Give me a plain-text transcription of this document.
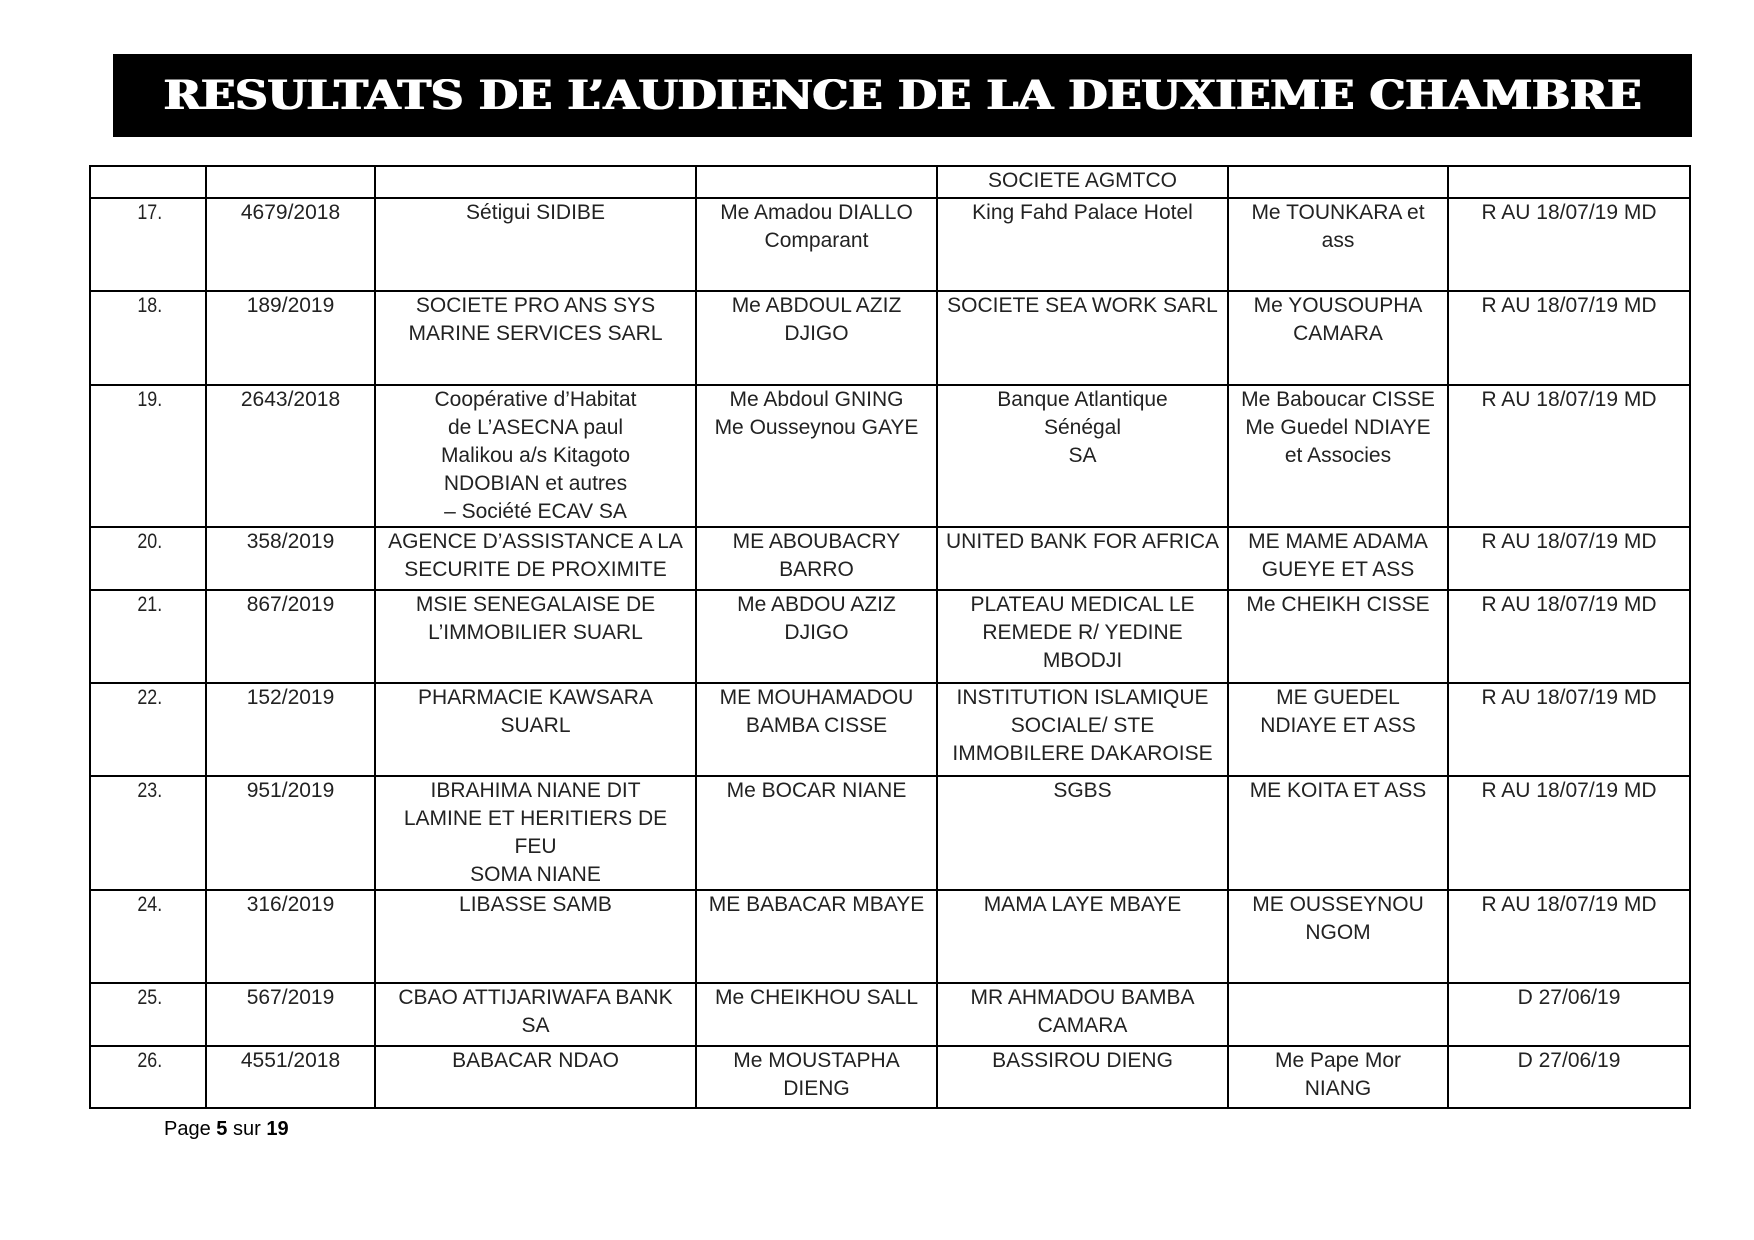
RESULTATS DE L’AUDIENCE DE LA DEUXIEME CHAMBRE

				SOCIETE AGMTCO		

17.	4679/2018	Sétigui SIDIBE	Me Amadou DIALLO
Comparant	King Fahd Palace Hotel	Me TOUNKARA et
ass	R AU 18/07/19 MD
18.	189/2019	SOCIETE PRO ANS SYS
MARINE SERVICES SARL	Me ABDOUL AZIZ
DJIGO	SOCIETE SEA WORK SARL	Me YOUSOUPHA
CAMARA	R AU 18/07/19 MD
19.	2643/2018	Coopérative d’Habitat
de L’ASECNA paul
Malikou a/s Kitagoto
NDOBIAN et autres
– Société ECAV SA	Me Abdoul GNING
Me Ousseynou GAYE	Banque Atlantique
Sénégal
SA	Me Baboucar CISSE
Me Guedel NDIAYE
et Associes	R AU 18/07/19 MD
20.	358/2019	AGENCE D’ASSISTANCE A LA
SECURITE DE PROXIMITE	ME ABOUBACRY
BARRO	UNITED BANK FOR AFRICA	ME MAME ADAMA
GUEYE ET ASS	R AU 18/07/19 MD
21.	867/2019	MSIE SENEGALAISE DE
L’IMMOBILIER SUARL	Me ABDOU AZIZ
DJIGO	PLATEAU MEDICAL LE
REMEDE R/ YEDINE
MBODJI	Me CHEIKH CISSE	R AU 18/07/19 MD
22.	152/2019	PHARMACIE KAWSARA
SUARL	ME MOUHAMADOU
BAMBA CISSE	INSTITUTION ISLAMIQUE
SOCIALE/ STE
IMMOBILERE DAKAROISE	ME GUEDEL
NDIAYE ET ASS	R AU 18/07/19 MD
23.	951/2019	IBRAHIMA NIANE DIT
LAMINE ET HERITIERS DE FEU
SOMA NIANE	Me BOCAR NIANE	SGBS	ME KOITA ET ASS	R AU 18/07/19 MD
24.	316/2019	LIBASSE SAMB	ME BABACAR MBAYE	MAMA LAYE MBAYE	ME OUSSEYNOU
NGOM	R AU 18/07/19 MD
25.	567/2019	CBAO ATTIJARIWAFA BANK
SA	Me CHEIKHOU SALL	MR AHMADOU BAMBA
CAMARA		D 27/06/19
26.	4551/2018	BABACAR NDAO	Me MOUSTAPHA
DIENG	BASSIROU DIENG	Me Pape Mor
NIANG	D 27/06/19
Page 5 sur 19
